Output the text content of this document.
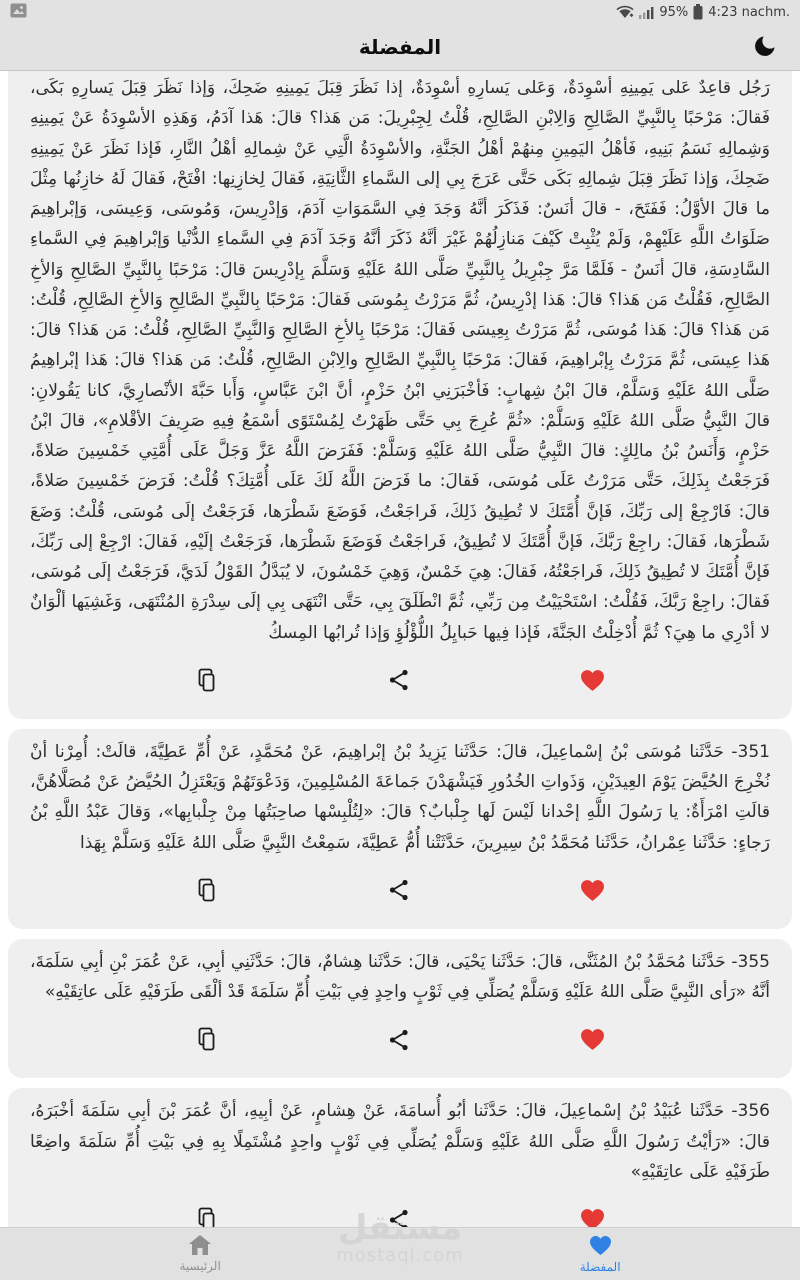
95% 4:23 nachm.
المفضلة
رَجُل قاعِدٌ عَلى يَمِينِهِ أسْوِدَةٌ، وَعَلى يَسارِهِ أسْوِدَةٌ، إذا نَظَرَ قِبَلَ يَمِينِهِ ضَحِكَ، وَإذا نَظَرَ قِبَلَ يَسارِهِ بَكَى، فَقالَ: مَرْحَبًا بِالنَّبِيِّ الصَّالِحِ وَالِابْنِ الصَّالِحِ، قُلْتُ لِجِبْرِيلَ: مَن هَذا؟ قالَ: هَذا آدَمُ، وَهَذِهِ الأسْوِدَةُ عَنْ يَمِينِهِ وَشِمالِهِ نَسَمُ بَنِيهِ، فَأهْلُ اليَمِينِ مِنهُمْ أهْلُ الجَنَّةِ، والأسْوِدَةُ الَّتِي عَنْ شِمالِهِ أهْلُ النَّارِ، فَإذا نَظَرَ عَنْ يَمِينِهِ ضَحِكَ، وَإذا نَظَرَ قِبَلَ شِمالِهِ بَكَى حَتَّى عَرَجَ بِي إلى السَّماءِ الثَّانِيَةِ، فَقالَ لِخازِنِها: افْتَحْ، فَقالَ لَهُ خازِنُها مِثْلَ ما قالَ الأوَّلُ: فَفَتَحَ، - قالَ أنَسٌ: فَذَكَرَ أنَّهُ وَجَدَ فِي السَّمَوَاتِ آدَمَ، وَإدْرِيسَ، وَمُوسَى، وَعِيسَى، وَإبْراهِيمَ صَلَوَاتُ اللَّهِ عَلَيْهِمْ، وَلَمْ يُثْبِتْ كَيْفَ مَنازِلُهُمْ غَيْرَ أنَّهُ ذَكَرَ أنَّهُ وَجَدَ آدَمَ فِي السَّماءِ الدُّنْيا وَإبْراهِيمَ فِي السَّماءِ السَّادِسَةِ، قالَ أنَسٌ - فَلَمَّا مَرَّ جِبْرِيلُ بِالنَّبِيِّ صَلَّى اللهُ عَلَيْهِ وَسَلَّمَ بِإدْرِيسَ قالَ: مَرْحَبًا بِالنَّبِيِّ الصَّالِحِ وَالأخِ الصَّالِحِ، فَقُلْتُ مَن هَذا؟ قالَ: هَذا إدْرِيسُ، ثُمَّ مَرَرْتُ بِمُوسَى فَقالَ: مَرْحَبًا بِالنَّبِيِّ الصَّالِحِ وَالأخِ الصَّالِحِ، قُلْتُ: مَن هَذا؟ قالَ: هَذا مُوسَى، ثُمَّ مَرَرْتُ بِعِيسَى فَقالَ: مَرْحَبًا بِالأخِ الصَّالِحِ وَالنَّبِيِّ الصَّالِحِ، قُلْتُ: مَن هَذا؟ قالَ: هَذا عِيسَى، ثُمَّ مَرَرْتُ بِإبْراهِيمَ، فَقالَ: مَرْحَبًا بِالنَّبِيِّ الصَّالِحِ والِابْنِ الصَّالِحِ، قُلْتُ: مَن هَذا؟ قالَ: هَذا إبْراهِيمُ صَلَّى اللهُ عَلَيْهِ وَسَلَّمْ، قالَ ابْنُ شِهابٍ: فَأخْبَرَنِي ابْنُ حَزْمٍ، أنَّ ابْنَ عَبَّاسٍ، وَأَبا حَبَّةَ الأنْصارِيَّ، كانا يَقُولانِ: قالَ النَّبِيُّ صَلَّى اللهُ عَلَيْهِ وَسَلَّمْ: «ثُمَّ عُرِجَ بِي حَتَّى ظَهَرْتُ لِمُسْتَوًى أسْمَعُ فِيهِ صَرِيفَ الأقْلامِ»، قالَ ابْنُ حَزْمٍ، وَأَنَسُ بْنُ مالِكٍ: قالَ النَّبِيُّ صَلَّى اللهُ عَلَيْهِ وَسَلَّمْ: فَفَرَضَ اللَّهُ عَزَّ وَجَلَّ عَلَى أُمَّتِي خَمْسِينَ صَلاةً، فَرَجَعْتُ بِذَلِكَ، حَتَّى مَرَرْتُ عَلَى مُوسَى، فَقالَ: ما فَرَضَ اللَّهُ لَكَ عَلَى أُمَّتِكَ؟ قُلْتُ: فَرَضَ خَمْسِينَ صَلاةً، قالَ: فَارْجِعْ إلى رَبِّكَ، فَإنَّ أُمَّتَكَ لا تُطِيقُ ذَلِكَ، فَراجَعْتُ، فَوَضَعَ شَطْرَها، فَرَجَعْتُ إلَى مُوسَى، قُلْتُ: وَضَعَ شَطْرَها، فَقالَ: راجِعْ رَبَّكَ، فَإنَّ أُمَّتَكَ لا تُطِيقُ، فَراجَعْتُ فَوَضَعَ شَطْرَها، فَرَجَعْتُ إلَيْهِ، فَقالَ: ارْجِعْ إلى رَبِّكَ، فَإنَّ أُمَّتَكَ لا تُطِيقُ ذَلِكَ، فَراجَعْتُهُ، فَقالَ: هِيَ خَمْسٌ، وَهِيَ خَمْسُونَ، لا يُبَدَّلُ القَوْلُ لَدَيَّ، فَرَجَعْتُ إلَى مُوسَى، فَقالَ: راجِعْ رَبَّكَ، فَقُلْتُ: اسْتَحْيَيْتُ مِن رَبِّي، ثُمَّ انْطَلَقَ بِي، حَتَّى انْتَهَى بِي إلَى سِدْرَةِ المُنْتَهَى، وَغَشِيَها ألْوَانٌ لا أدْرِي ما هِيَ؟ ثُمَّ أُدْخِلْتُ الجَنَّةَ، فَإذا فِيها حَبايِلُ اللُّؤْلُؤِ وَإذا تُرابُها المِسكُ
351- حَدَّثَنا مُوسَى بْنُ إسْماعِيلَ، قالَ: حَدَّثَنا يَزِيدُ بْنُ إبْراهِيمَ، عَنْ مُحَمَّدٍ، عَنْ أُمِّ عَطِيَّةَ، قالَتْ: أُمِرْنا أنْ نُخْرِجَ الحُيَّضَ يَوْمَ العِيدَيْنِ، وَذَواتِ الخُدُورِ فَيَشْهَدْنَ جَماعَةَ المُسْلِمِينَ، وَدَعْوَتَهُمْ وَيَعْتَزِلُ الحُيَّضُ عَنْ مُصَلَّاهُنَّ، قالَتِ امْرَأَةٌ: يا رَسُولَ اللَّهِ إحْدانا لَيْسَ لَها جِلْبابٌ؟ قالَ: «لِتُلْبِسْها صاحِبَتُها مِنْ جِلْبابِها»، وَقالَ عَبْدُ اللَّهِ بْنُ رَجاءٍ: حَدَّثَنا عِمْرانُ، حَدَّثَنا مُحَمَّدُ بْنُ سِيرِينَ، حَدَّثَتْنا أُمُّ عَطِيَّةَ، سَمِعْتُ النَّبِيَّ صَلَّى اللهُ عَلَيْهِ وَسَلَّمْ بِهَذا
355- حَدَّثَنا مُحَمَّدُ بْنُ المُثَنَّى، قالَ: حَدَّثَنا يَحْيَى، قالَ: حَدَّثَنا هِشامٌ، قالَ: حَدَّثَنِي أبِي، عَنْ عُمَرَ بْنِ أبِي سَلَمَةَ، أنَّهُ «رَأى النَّبِيَّ صَلَّى اللهُ عَلَيْهِ وَسَلَّمْ يُصَلِّي فِي ثَوْبٍ واحِدٍ فِي بَيْتِ أُمِّ سَلَمَةَ قَدْ ألْقَى طَرَفَيْهِ عَلَى عاتِقَيْهِ»
356- حَدَّثَنا عُبَيْدُ بْنُ إسْماعِيلَ، قالَ: حَدَّثَنا أبُو أُسامَةَ، عَنْ هِشامٍ، عَنْ أبِيهِ، أنَّ عُمَرَ بْنَ أبِي سَلَمَةَ أخْبَرَهُ، قالَ: «رَأيْتُ رَسُولَ اللَّهِ صَلَّى اللهُ عَلَيْهِ وَسَلَّمْ يُصَلِّي فِي ثَوْبٍ واحِدٍ مُشْتَمِلًا بِهِ فِي بَيْتِ أُمِّ سَلَمَةَ واضِعًا طَرَفَيْهِ عَلَى عاتِقَيْهِ»
مستقل
mostaql.com
الرئيسية	المفضلة
